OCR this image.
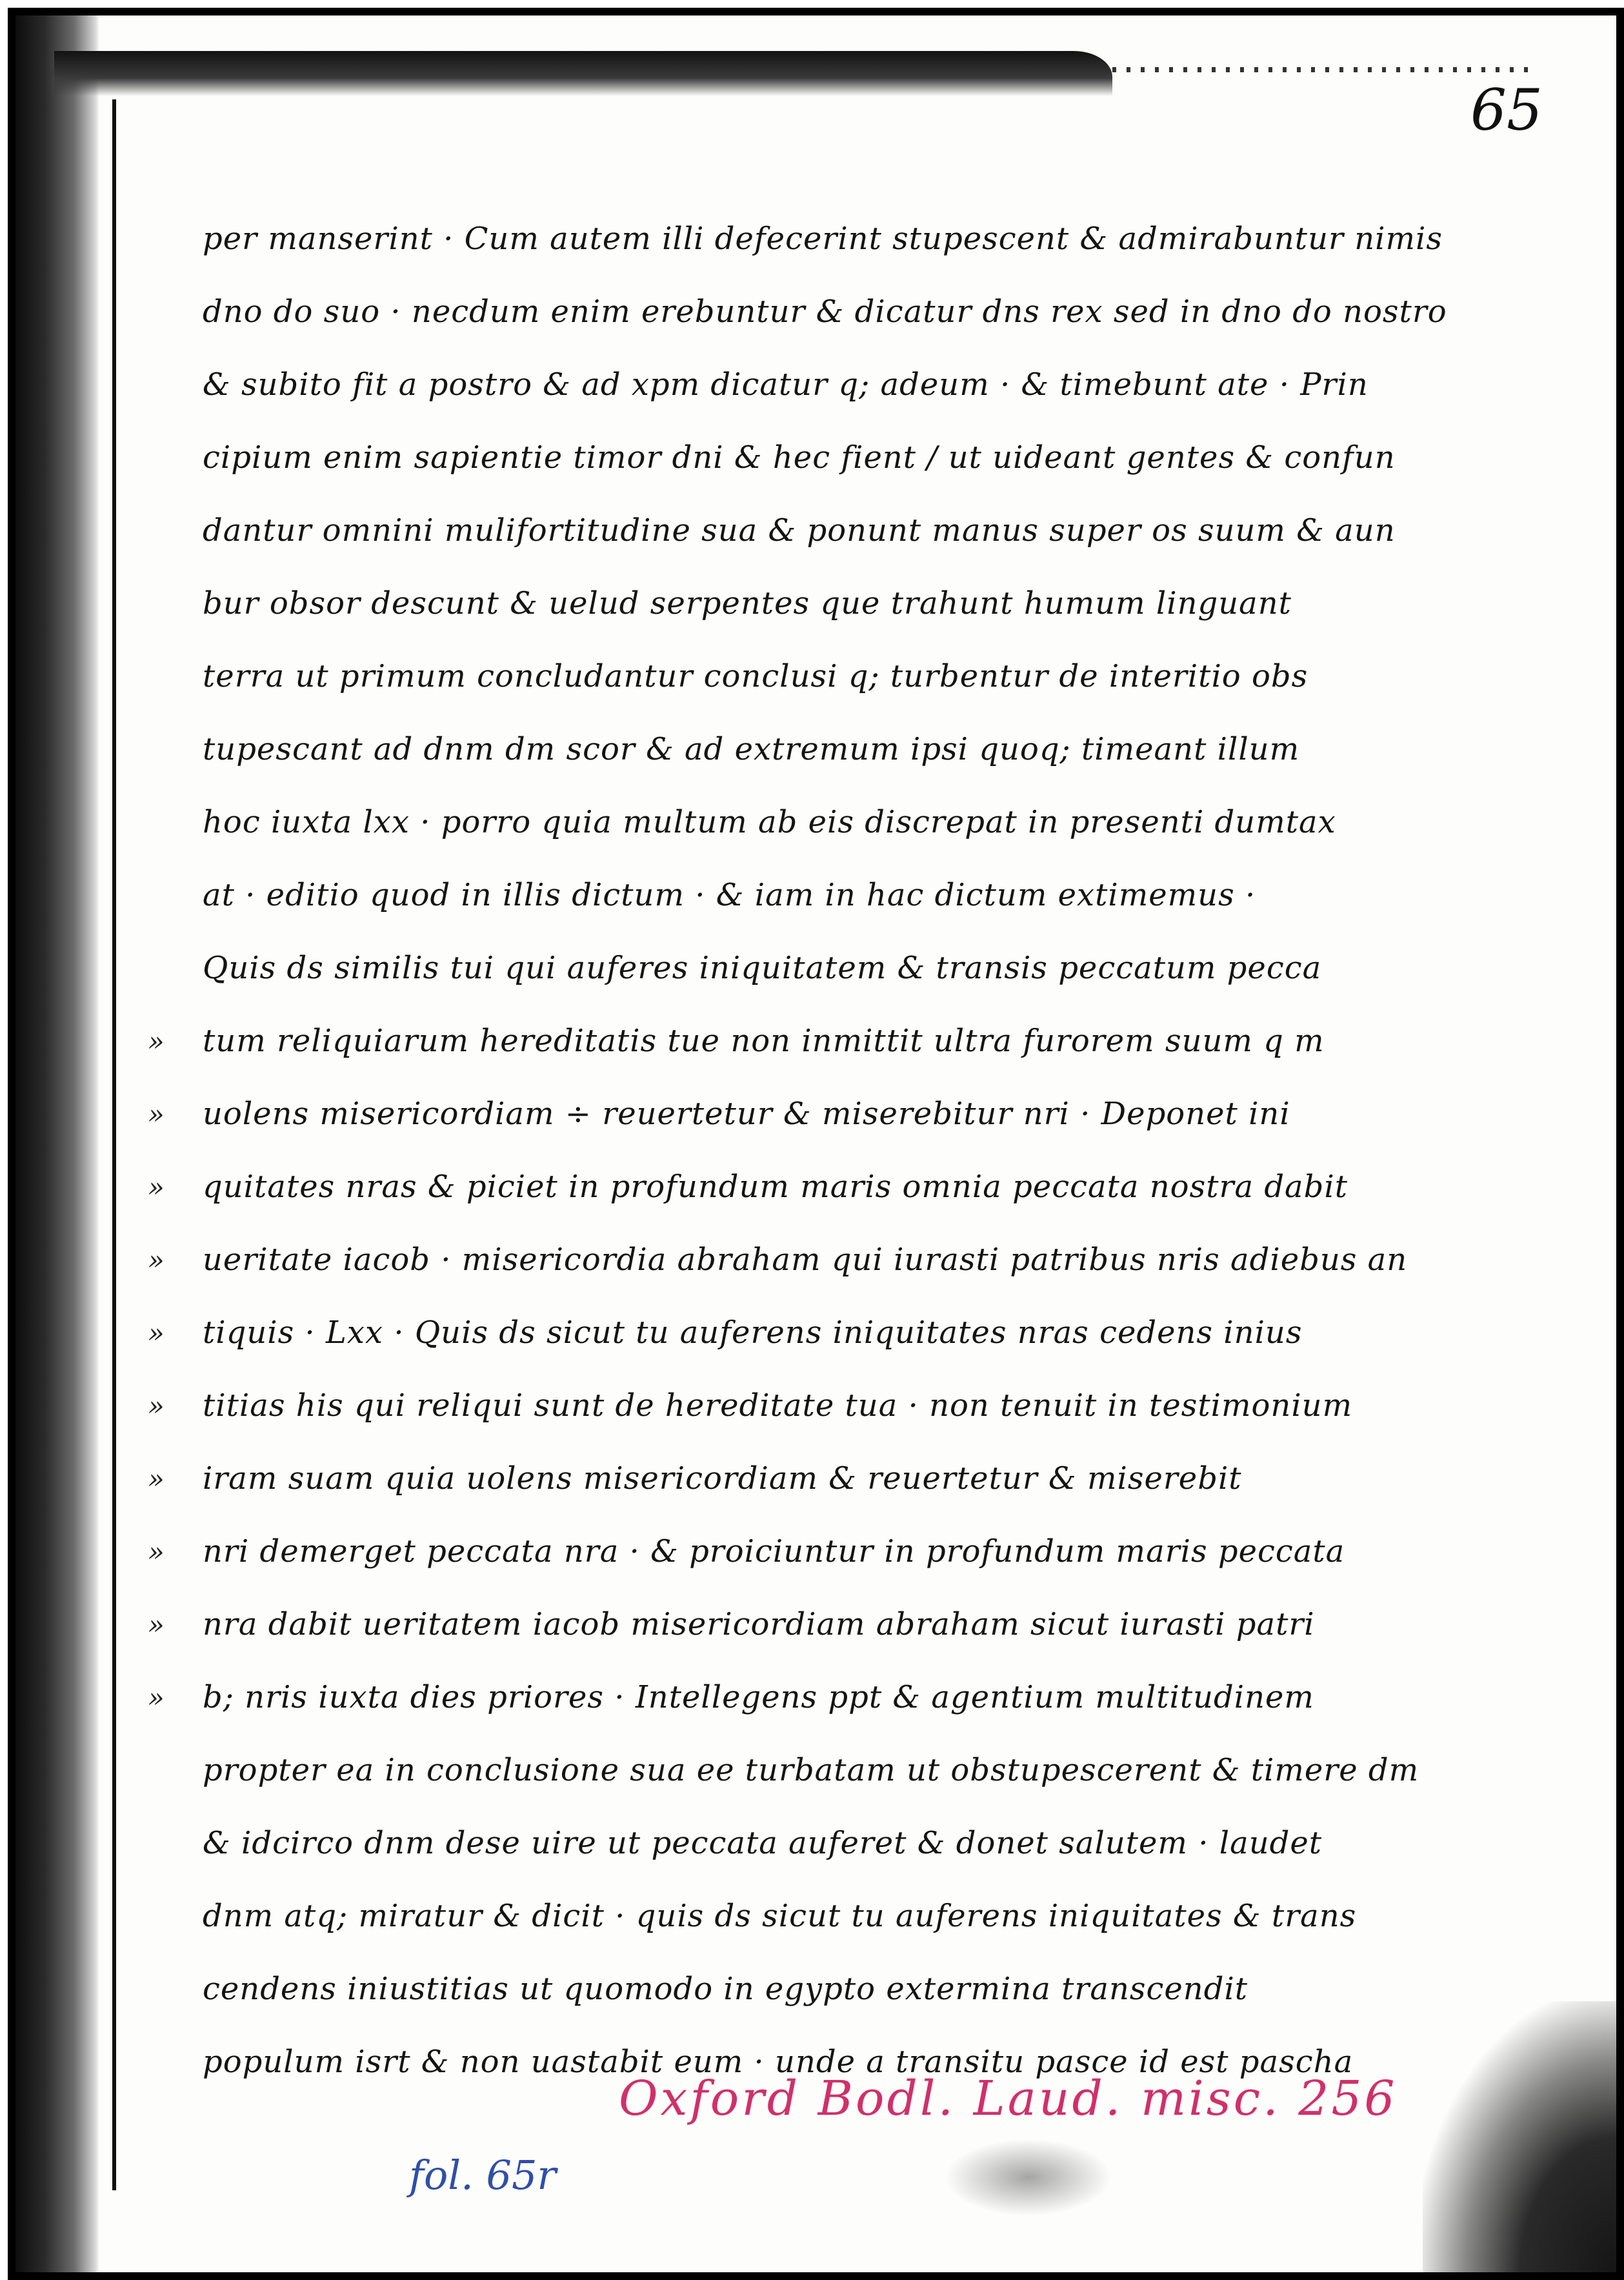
65
per manserint · Cum autem illi defecerint stupescent & admirabuntur nimis
dno do suo · necdum enim erebuntur & dicatur dns rex sed in dno do nostro
& subito fit a postro & ad xpm dicatur q; adeum · & timebunt ate · Prin
cipium enim sapientie timor dni & hec fient / ut uideant gentes & confun
dantur omnini mulifortitudine sua & ponunt manus super os suum & aun
bur obsor descunt & uelud serpentes que trahunt humum linguant
terra ut primum concludantur conclusi q; turbentur de interitio obs
tupescant ad dnm dm scor & ad extremum ipsi quoq; timeant illum
hoc iuxta lxx · porro quia multum ab eis discrepat in presenti dumtax
at · editio quod in illis dictum · & iam in hac dictum extimemus ·
Quis ds similis tui qui auferes iniquitatem & transis peccatum pecca
» tum reliquiarum hereditatis tue non inmittit ultra furorem suum q m
» uolens misericordiam ÷ reuertetur & miserebitur nri · Deponet ini
» quitates nras & piciet in profundum maris omnia peccata nostra dabit
» ueritate iacob · misericordia abraham qui iurasti patribus nris adiebus an
» tiquis · Lxx · Quis ds sicut tu auferens iniquitates nras cedens inius
» titias his qui reliqui sunt de hereditate tua · non tenuit in testimonium
» iram suam quia uolens misericordiam & reuertetur & miserebit
» nri demerget peccata nra · & proiciuntur in profundum maris peccata
» nra dabit ueritatem iacob misericordiam abraham sicut iurasti patri
» b; nris iuxta dies priores · Intellegens ppt & agentium multitudinem
propter ea in conclusione sua ee turbatam ut obstupescerent & timere dm
& idcirco dnm dese uire ut peccata auferet & donet salutem · laudet
dnm atq; miratur & dicit · quis ds sicut tu auferens iniquitates & trans
cendens iniustitias ut quomodo in egypto extermina transcendit
populum isrt & non uastabit eum · unde a transitu pasce id est pascha
Oxford Bodl. Laud. misc. 256
fol. 65r
